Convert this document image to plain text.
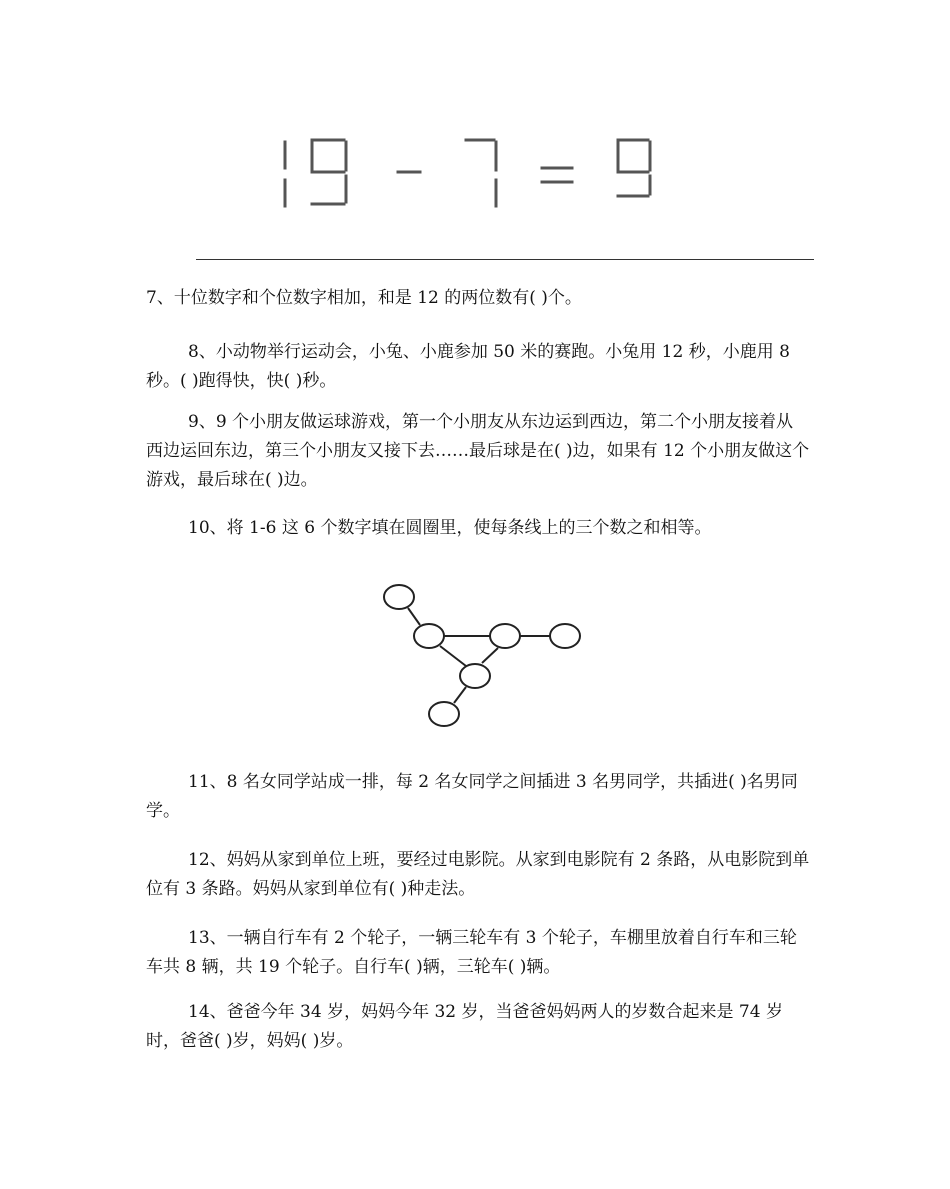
7、十位数字和个位数字相加，和是 12 的两位数有( )个。

8、小动物举行运动会，小兔、小鹿参加 50 米的赛跑。小兔用 12 秒，小鹿用 8 秒。( )跑得快，快( )秒。

9、9 个小朋友做运球游戏，第一个小朋友从东边运到西边，第二个小朋友接着从西边运回东边，第三个小朋友又接下去……最后球是在( )边，如果有 12 个小朋友做这个游戏，最后球在( )边。

10、将 1-6 这 6 个数字填在圆圈里，使每条线上的三个数之和相等。

11、8 名女同学站成一排，每 2 名女同学之间插进 3 名男同学，共插进( )名男同学。

12、妈妈从家到单位上班，要经过电影院。从家到电影院有 2 条路，从电影院到单位有 3 条路。妈妈从家到单位有( )种走法。

13、一辆自行车有 2 个轮子，一辆三轮车有 3 个轮子，车棚里放着自行车和三轮车共 8 辆，共 19 个轮子。自行车( )辆，三轮车( )辆。

14、爸爸今年 34 岁，妈妈今年 32 岁，当爸爸妈妈两人的岁数合起来是 74 岁时，爸爸( )岁，妈妈( )岁。
